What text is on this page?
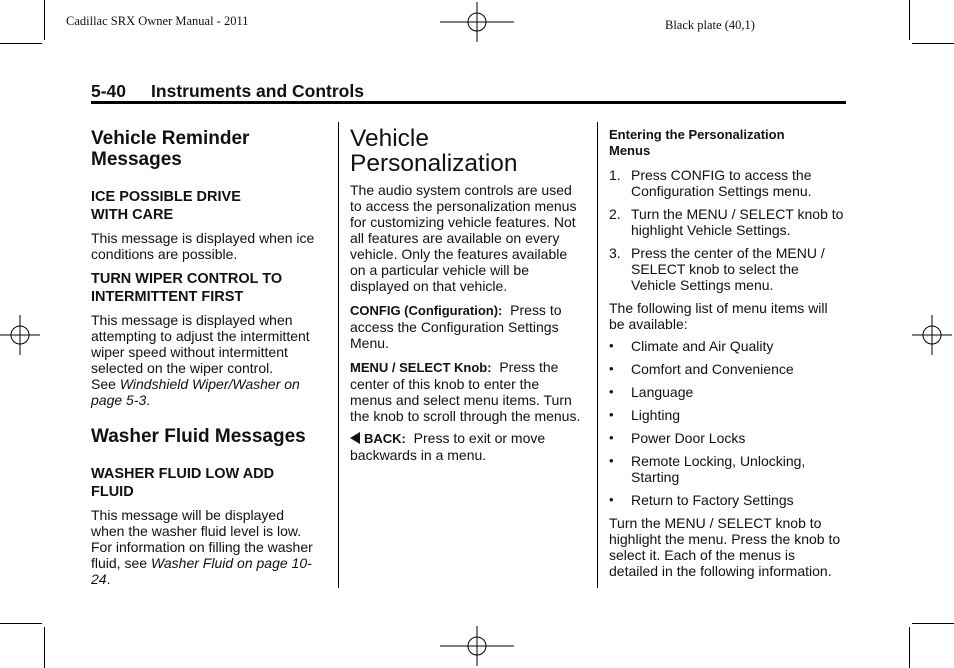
Cadillac SRX Owner Manual - 2011	Black plate (40,1)
5-40 Instruments and Controls
Vehicle Reminder Messages
ICE POSSIBLE DRIVE WITH CARE

This message is displayed when ice conditions are possible.

TURN WIPER CONTROL TO INTERMITTENT FIRST

This message is displayed when attempting to adjust the intermittent wiper speed without intermittent selected on the wiper control.

See Windshield Wiper/Washer on page 5-3.

Washer Fluid Messages
WASHER FLUID LOW ADD FLUID

This message will be displayed when the washer fluid level is low. For information on filling the washer fluid, see Washer Fluid on page 10-24.

Vehicle Personalization

The audio system controls are used to access the personalization menus for customizing vehicle features. Not all features are available on every vehicle. Only the features available on a particular vehicle will be displayed on that vehicle.

CONFIG (Configuration): Press to access the Configuration Settings Menu.

MENU / SELECT Knob: Press the center of this knob to enter the menus and select menu items. Turn the knob to scroll through the menus.

BACK: Press to exit or move backwards in a menu.

Entering the Personalization Menus
1. Press CONFIG to access the Configuration Settings menu.
2. Turn the MENU / SELECT knob to highlight Vehicle Settings.
3. Press the center of the MENU / SELECT knob to select the Vehicle Settings menu.

The following list of menu items will be available:

• Climate and Air Quality
• Comfort and Convenience
• Language
• Lighting
• Power Door Locks
• Remote Locking, Unlocking, Starting
• Return to Factory Settings

Turn the MENU / SELECT knob to highlight the menu. Press the knob to select it. Each of the menus is detailed in the following information.
